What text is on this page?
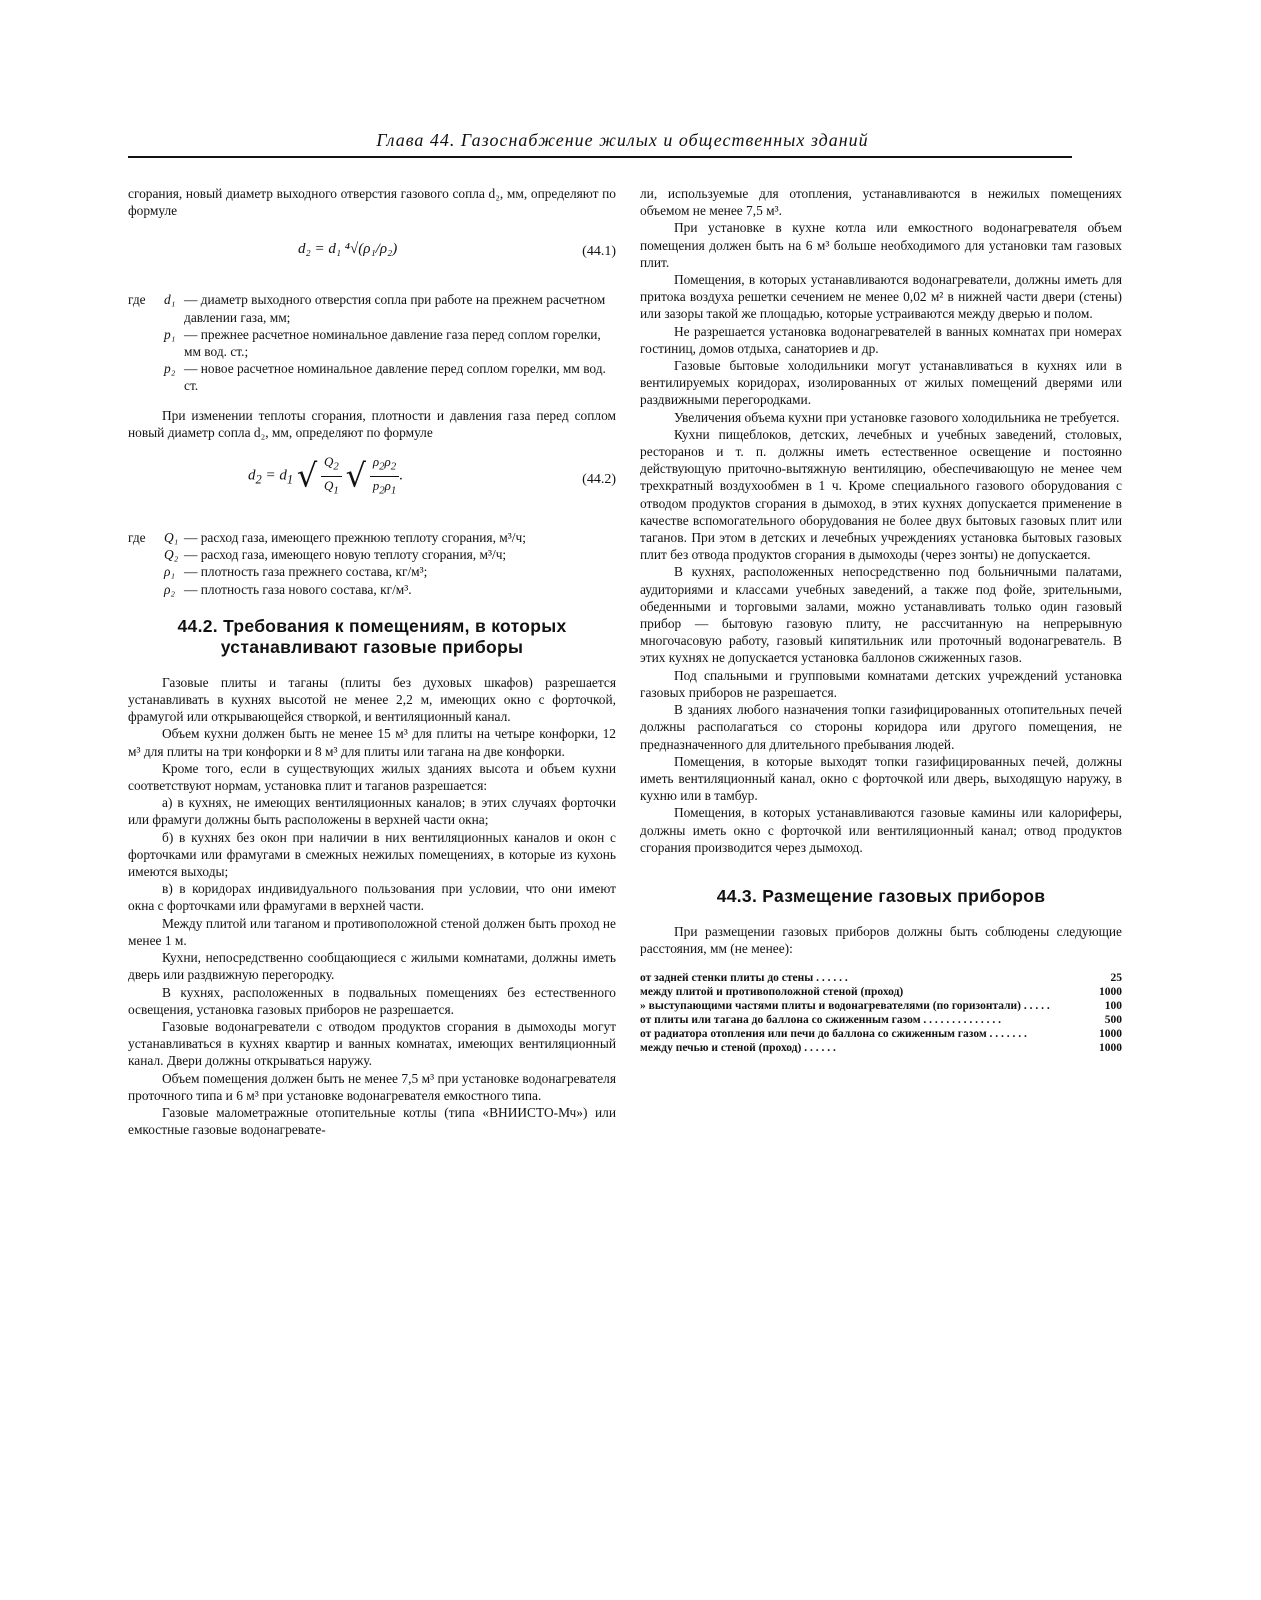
Глава 44. Газоснабжение жилых и общественных зданий

сгорания, новый диаметр выходного отверстия газового сопла d₂, мм, определяют по формуле

d₂ = d₁ ⁴√(ρ₁/ρ₂)	(44.1)
где	d₁ — диаметр выходного отверстия сопла при работе на прежнем расчетном давлении газа, мм;
p₁ — прежнее расчетное номинальное давление газа перед соплом горелки, мм вод. ст.;
p₂ — новое расчетное номинальное давление перед соплом горелки, мм вод. ст.

При изменении теплоты сгорания, плотности и давления газа перед соплом новый диаметр сопла d₂, мм, определяют по формуле

$d_2 = d_1$ √ $\frac{Q_2}{Q_1}$ √ $\frac{\rho_2\rho_2}{p_2\rho_1}$ .	(44.2)
где	Q₁ — расход газа, имеющего прежнюю теплоту сгорания, м³/ч;
Q₂ — расход газа, имеющего новую теплоту сгорания, м³/ч;
ρ₁ — плотность газа прежнего состава, кг/м³;
ρ₂ — плотность газа нового состава, кг/м³.
44.2. Требования к помещениям, в которых устанавливают газовые приборы

Газовые плиты и таганы (плиты без духовых шкафов) разрешается устанавливать в кухнях высотой не менее 2,2 м, имеющих окно с форточкой, фрамугой или открывающейся створкой, и вентиляционный канал.

Объем кухни должен быть не менее 15 м³ для плиты на четыре конфорки, 12 м³ для плиты на три конфорки и 8 м³ для плиты или тагана на две конфорки.

Кроме того, если в существующих жилых зданиях высота и объем кухни соответствуют нормам, установка плит и таганов разрешается:

а) в кухнях, не имеющих вентиляционных каналов; в этих случаях форточки или фрамуги должны быть расположены в верхней части окна;

б) в кухнях без окон при наличии в них вентиляционных каналов и окон с форточками или фрамугами в смежных нежилых помещениях, в которые из кухонь имеются выходы;

в) в коридорах индивидуального пользования при условии, что они имеют окна с форточками или фрамугами в верхней части.

Между плитой или таганом и противоположной стеной должен быть проход не менее 1 м.

Кухни, непосредственно сообщающиеся с жилыми комнатами, должны иметь дверь или раздвижную перегородку.

В кухнях, расположенных в подвальных помещениях без естественного освещения, установка газовых приборов не разрешается.

Газовые водонагреватели с отводом продуктов сгорания в дымоходы могут устанавливаться в кухнях квартир и ванных комнатах, имеющих вентиляционный канал. Двери должны открываться наружу.

Объем помещения должен быть не менее 7,5 м³ при установке водонагревателя проточного типа и 6 м³ при установке водонагревателя емкостного типа.

Газовые малометражные отопительные котлы (типа «ВНИИСТО-Мч») или емкостные газовые водонагревате-

ли, используемые для отопления, устанавливаются в нежилых помещениях объемом не менее 7,5 м³.

При установке в кухне котла или емкостного водонагревателя объем помещения должен быть на 6 м³ больше необходимого для установки там газовых плит.

Помещения, в которых устанавливаются водонагреватели, должны иметь для притока воздуха решетки сечением не менее 0,02 м² в нижней части двери (стены) или зазоры такой же площадью, которые устраиваются между дверью и полом.

Не разрешается установка водонагревателей в ванных комнатах при номерах гостиниц, домов отдыха, санаториев и др.

Газовые бытовые холодильники могут устанавливаться в кухнях или в вентилируемых коридорах, изолированных от жилых помещений дверями или раздвижными перегородками.

Увеличения объема кухни при установке газового холодильника не требуется.

Кухни пищеблоков, детских, лечебных и учебных заведений, столовых, ресторанов и т. п. должны иметь естественное освещение и постоянно действующую приточно-вытяжную вентиляцию, обеспечивающую не менее чем трехкратный воздухообмен в 1 ч. Кроме специального газового оборудования с отводом продуктов сгорания в дымоход, в этих кухнях допускается применение в качестве вспомогательного оборудования не более двух бытовых газовых плит или таганов. При этом в детских и лечебных учреждениях установка бытовых газовых плит без отвода продуктов сгорания в дымоходы (через зонты) не допускается.

В кухнях, расположенных непосредственно под больничными палатами, аудиториями и классами учебных заведений, а также под фойе, зрительными, обеденными и торговыми залами, можно устанавливать только один газовый прибор — бытовую газовую плиту, не рассчитанную на непрерывную многочасовую работу, газовый кипятильник или проточный водонагреватель. В этих кухнях не допускается установка баллонов сжиженных газов.

Под спальными и групповыми комнатами детских учреждений установка газовых приборов не разрешается.

В зданиях любого назначения топки газифицированных отопительных печей должны располагаться со стороны коридора или другого помещения, не предназначенного для длительного пребывания людей.

Помещения, в которые выходят топки газифицированных печей, должны иметь вентиляционный канал, окно с форточкой или дверь, выходящую наружу, в кухню или в тамбур.

Помещения, в которых устанавливаются газовые камины или калориферы, должны иметь окно с форточкой или вентиляционный канал; отвод продуктов сгорания производится через дымоход.

44.3. Размещение газовых приборов

При размещении газовых приборов должны быть соблюдены следующие расстояния, мм (не менее):

от задней стенки плиты до стены . . . . . .	25
между плитой и противоположной стеной (проход)	1000
» выступающими частями плиты и водонагревателями (по горизонтали) . . . . .	100
от плиты или тагана до баллона со сжиженным газом . . . . . . . . . . . . . .	500
от радиатора отопления или печи до баллона со сжиженным газом . . . . . . .	1000
между печью и стеной (проход) . . . . . .	1000
